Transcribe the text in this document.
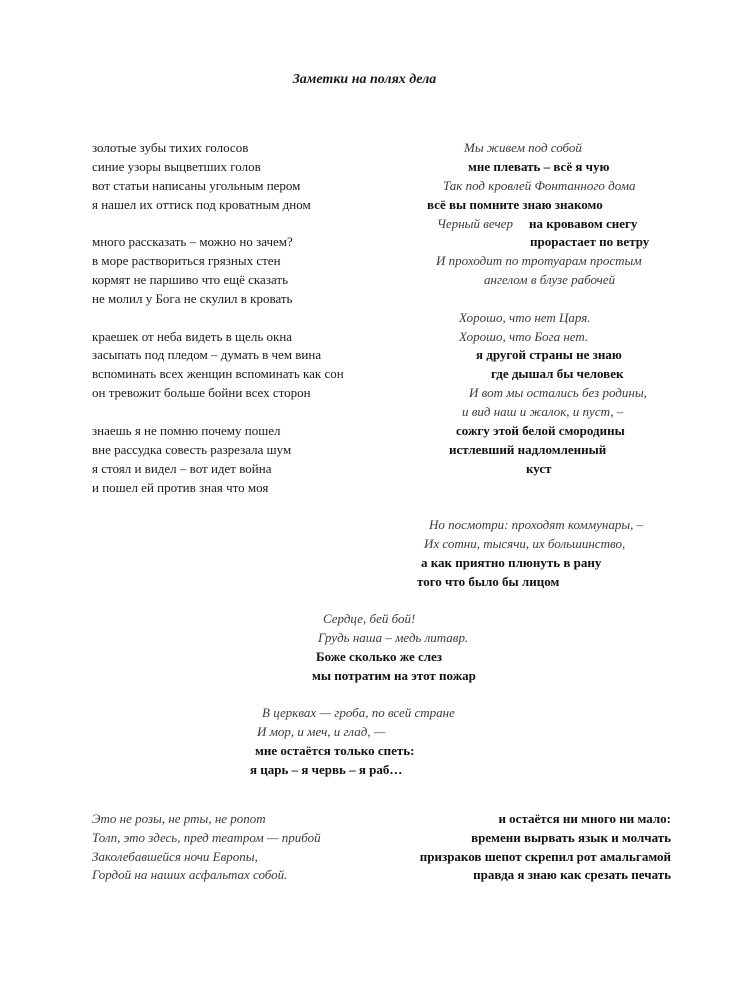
Заметки на полях дела
золотые зубы тихих голосов
синие узоры выцветших голов
вот статьи написаны угольным пером
я нашел их оттиск под кроватным дном
много рассказать – можно но зачем?
в море раствориться грязных стен
кормят не паршиво что ещё сказать
не молил у Бога не скулил в кровать
краешек от неба видеть в щель окна
засыпать под пледом – думать в чем вина
вспоминать всех женщин вспоминать как сон
он тревожит больше бойни всех сторон
знаешь я не помню почему пошел
вне рассудка совесть разрезала шум
я стоял и видел – вот идет война
и пошел ей против зная что моя
Мы живем под собой
мне плевать – всё я чую
Так под кровлей Фонтанного дома
всё вы помните знаю знакомо
Черный вечер на кровавом снегу
прорастает по ветру
И проходит по тротуарам простым
ангелом в блузе рабочей
Хорошо, что нет Царя.
Хорошо, что Бога нет.
я другой страны не знаю
где дышал бы человек
И вот мы остались без родины,
и вид наш и жалок, и пуст, –
сожгу этой белой смородины
истлевший надломленный
куст
Но посмотри: проходят коммунары, –
Их сотни, тысячи, их большинство,
а как приятно плюнуть в рану
того что было бы лицом
Сердце, бей бой!
Грудь наша – медь литавр.
Боже сколько же слез
мы потратим на этот пожар
В церквах — гроба, по всей стране
И мор, и меч, и глад, —
мне остаётся только спеть:
я царь – я червь – я раб…
Это не розы, не рты, не ропот
Толп, это здесь, пред театром — прибой
Заколебавшейся ночи Европы,
Гордой на наших асфальтах собой.
и остаётся ни много ни мало:
времени вырвать язык и молчать
призраков шепот скрепил рот амальгамой
правда я знаю как срезать печать
